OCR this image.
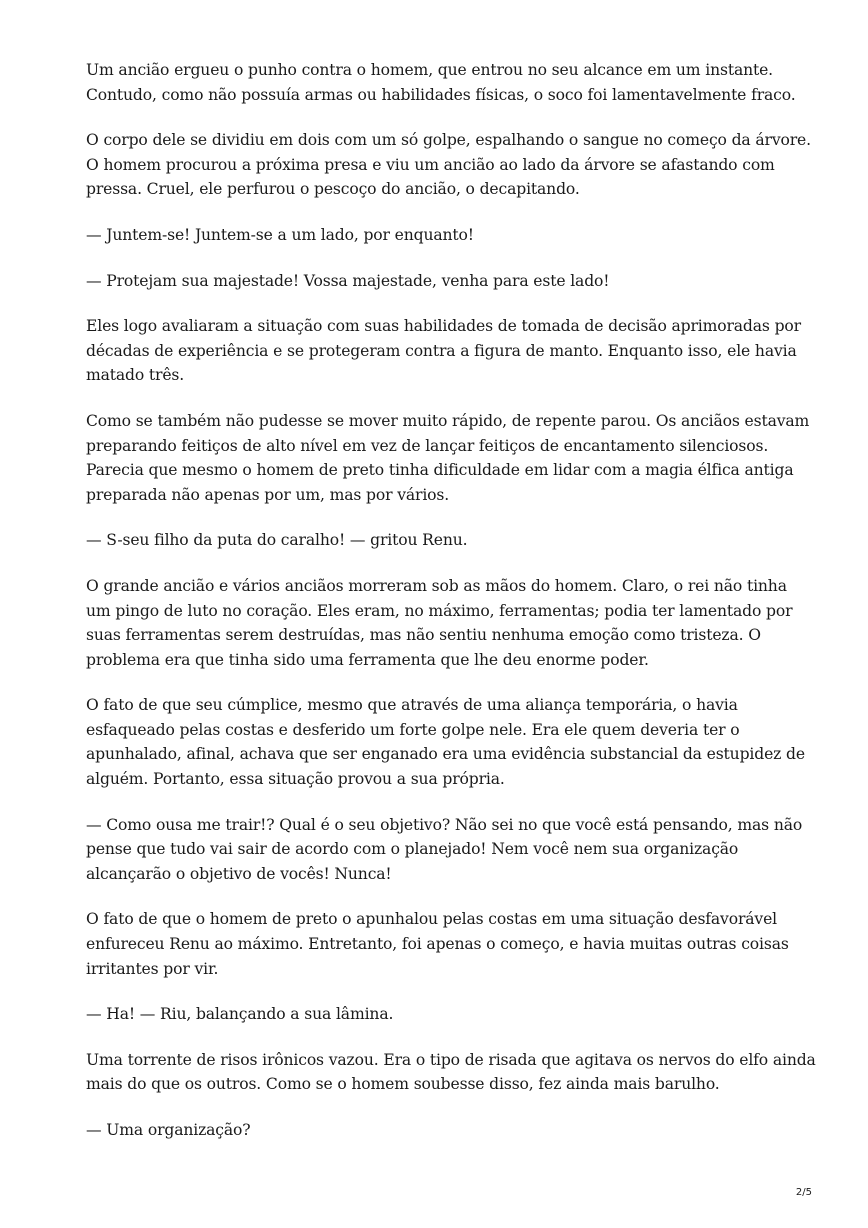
Um ancião ergueu o punho contra o homem, que entrou no seu alcance em um instante. Contudo, como não possuía armas ou habilidades físicas, o soco foi lamentavelmente fraco.

O corpo dele se dividiu em dois com um só golpe, espalhando o sangue no começo da árvore. O homem procurou a próxima presa e viu um ancião ao lado da árvore se afastando com pressa. Cruel, ele perfurou o pescoço do ancião, o decapitando.

— Juntem-se! Juntem-se a um lado, por enquanto!

— Protejam sua majestade! Vossa majestade, venha para este lado!

Eles logo avaliaram a situação com suas habilidades de tomada de decisão aprimoradas por décadas de experiência e se protegeram contra a figura de manto. Enquanto isso, ele havia matado três.

Como se também não pudesse se mover muito rápido, de repente parou. Os anciãos estavam preparando feitiços de alto nível em vez de lançar feitiços de encantamento silenciosos. Parecia que mesmo o homem de preto tinha dificuldade em lidar com a magia élfica antiga preparada não apenas por um, mas por vários.

— S-seu filho da puta do caralho! — gritou Renu.

O grande ancião e vários anciãos morreram sob as mãos do homem. Claro, o rei não tinha um pingo de luto no coração. Eles eram, no máximo, ferramentas; podia ter lamentado por suas ferramentas serem destruídas, mas não sentiu nenhuma emoção como tristeza. O problema era que tinha sido uma ferramenta que lhe deu enorme poder.

O fato de que seu cúmplice, mesmo que através de uma aliança temporária, o havia esfaqueado pelas costas e desferido um forte golpe nele. Era ele quem deveria ter o apunhalado, afinal, achava que ser enganado era uma evidência substancial da estupidez de alguém. Portanto, essa situação provou a sua própria.

— Como ousa me trair!? Qual é o seu objetivo? Não sei no que você está pensando, mas não pense que tudo vai sair de acordo com o planejado! Nem você nem sua organização alcançarão o objetivo de vocês! Nunca!

O fato de que o homem de preto o apunhalou pelas costas em uma situação desfavorável enfureceu Renu ao máximo. Entretanto, foi apenas o começo, e havia muitas outras coisas irritantes por vir.

— Ha! — Riu, balançando a sua lâmina.

Uma torrente de risos irônicos vazou. Era o tipo de risada que agitava os nervos do elfo ainda mais do que os outros. Como se o homem soubesse disso, fez ainda mais barulho.

— Uma organização?

2/5
